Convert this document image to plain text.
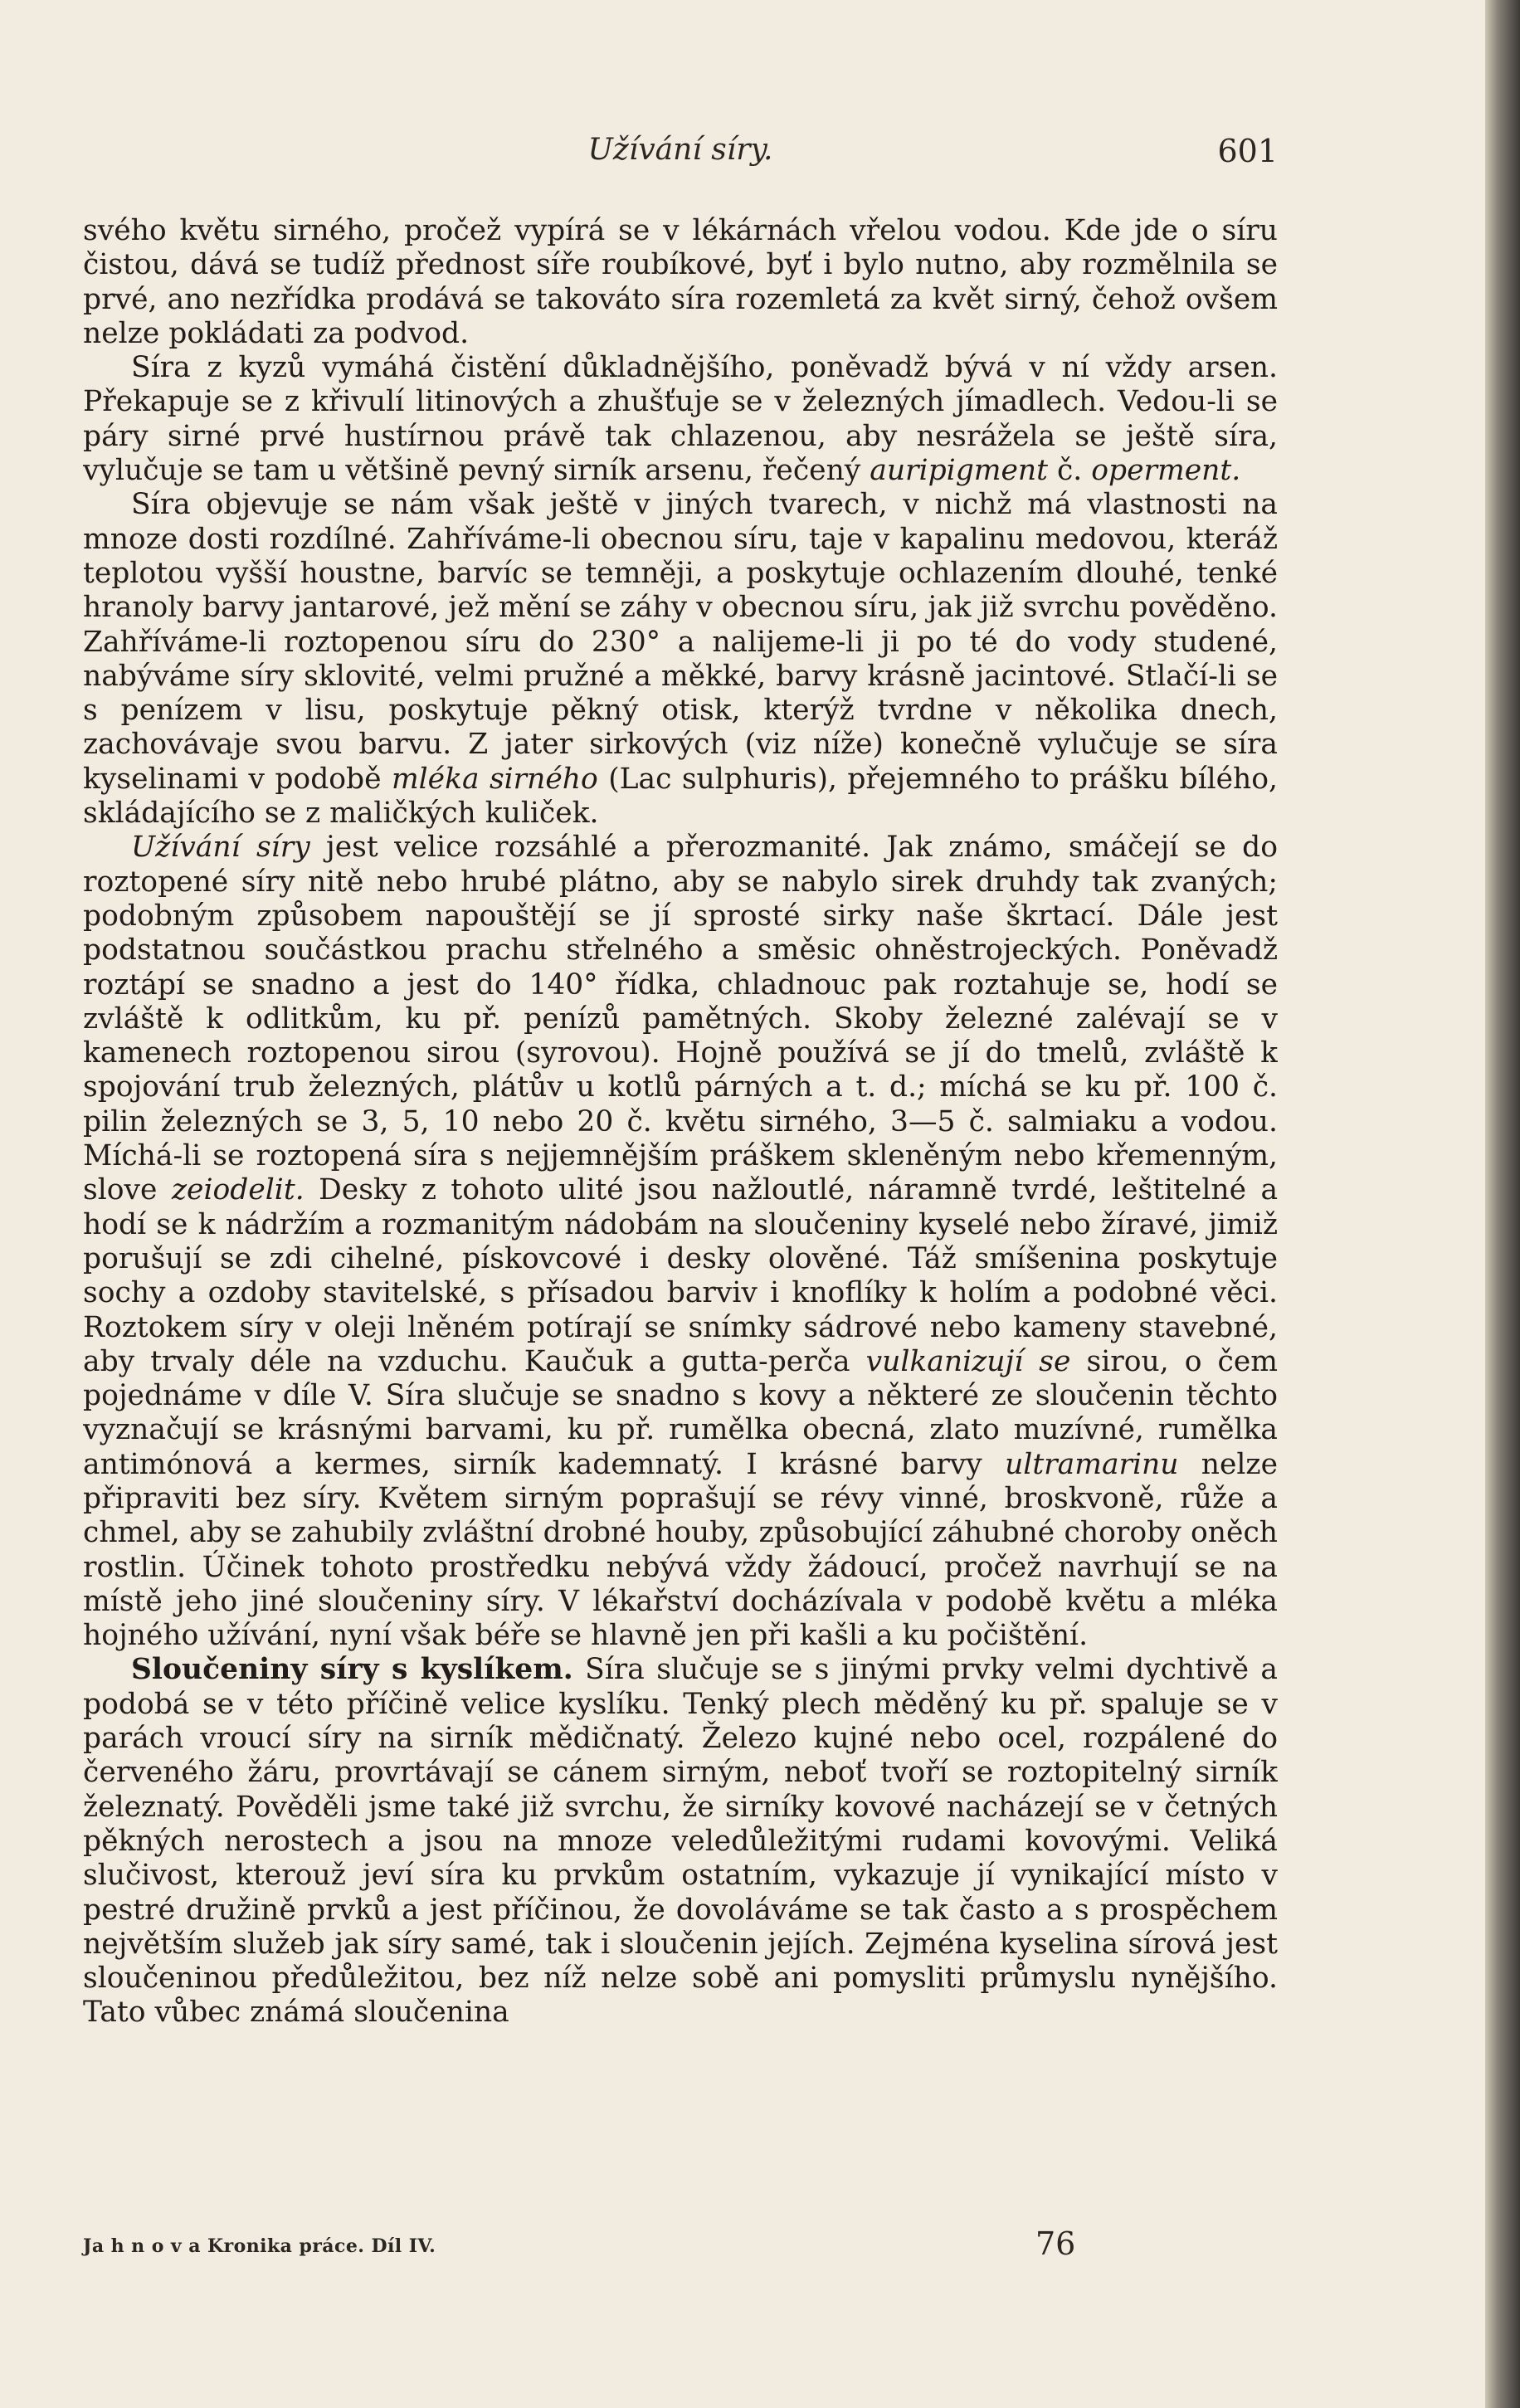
Užívání síry.	601

svého květu sirného, pročež vypírá se v lékárnách vřelou vodou. Kde jde o síru čistou, dává se tudíž přednost síře roubíkové, byť i bylo nutno, aby rozmělnila se prvé, ano nezřídka prodává se takováto síra rozemletá za květ sirný, čehož ovšem nelze pokládati za podvod.

Síra z kyzů vymáhá čistění důkladnějšího, poněvadž bývá v ní vždy arsen. Překapuje se z křivulí litinových a zhušťuje se v železných jímadlech. Vedou-li se páry sirné prvé hustírnou právě tak chlazenou, aby nesrážela se ještě síra, vylučuje se tam u většině pevný sirník arsenu, řečený auripigment č. operment.

Síra objevuje se nám však ještě v jiných tvarech, v nichž má vlastnosti na mnoze dosti rozdílné. Zahříváme-li obecnou síru, taje v kapalinu medovou, kteráž teplotou vyšší houstne, barvíc se temněji, a poskytuje ochlazením dlouhé, tenké hranoly barvy jantarové, jež mění se záhy v obecnou síru, jak již svrchu pověděno. Zahříváme-li roztopenou síru do 230° a nalijeme-li ji po té do vody studené, nabýváme síry sklovité, velmi pružné a měkké, barvy krásně jacintové. Stlačí-li se s penízem v lisu, poskytuje pěkný otisk, kterýž tvrdne v několika dnech, zachovávaje svou barvu. Z jater sirkových (viz níže) konečně vylučuje se síra kyselinami v podobě mléka sirného (Lac sulphuris), přejemného to prášku bílého, skládajícího se z maličkých kuliček.

Užívání síry jest velice rozsáhlé a přerozmanité. Jak známo, smáčejí se do roztopené síry nitě nebo hrubé plátno, aby se nabylo sirek druhdy tak zvaných; podobným způsobem napouštějí se jí sprosté sirky naše škrtací. Dále jest podstatnou součástkou prachu střelného a směsic ohněstrojeckých. Poněvadž roztápí se snadno a jest do 140° řídka, chladnouc pak roztahuje se, hodí se zvláště k odlitkům, ku př. penízů pamětných. Skoby železné zalévají se v kamenech roztopenou sirou (syrovou). Hojně používá se jí do tmelů, zvláště k spojování trub železných, plátův u kotlů párných a t. d.; míchá se ku př. 100 č. pilin železných se 3, 5, 10 nebo 20 č. květu sirného, 3—5 č. salmiaku a vodou. Míchá-li se roztopená síra s nejjemnějším práškem skleněným nebo křemenným, slove zeiodelit. Desky z tohoto ulité jsou nažloutlé, náramně tvrdé, leštitelné a hodí se k nádržím a rozmanitým nádobám na sloučeniny kyselé nebo žíravé, jimiž porušují se zdi cihelné, pískovcové i desky olověné. Táž smíšenina poskytuje sochy a ozdoby stavitelské, s přísadou barviv i knoflíky k holím a podobné věci. Roztokem síry v oleji lněném potírají se snímky sádrové nebo kameny stavebné, aby trvaly déle na vzduchu. Kaučuk a gutta-perča vulkanizují se sirou, o čem pojednáme v díle V. Síra slučuje se snadno s kovy a některé ze sloučenin těchto vyznačují se krásnými barvami, ku př. rumělka obecná, zlato muzívné, rumělka antimónová a kermes, sirník kademnatý. I krásné barvy ultramarinu nelze připraviti bez síry. Květem sirným poprašují se révy vinné, broskvoně, růže a chmel, aby se zahubily zvláštní drobné houby, způsobující záhubné choroby oněch rostlin. Účinek tohoto prostředku nebývá vždy žádoucí, pročež navrhují se na místě jeho jiné sloučeniny síry. V lékařství docházívala v podobě květu a mléka hojného užívání, nyní však béře se hlavně jen při kašli a ku počištění.

Sloučeniny síry s kyslíkem. Síra slučuje se s jinými prvky velmi dychtivě a podobá se v této příčině velice kyslíku. Tenký plech měděný ku př. spaluje se v parách vroucí síry na sirník mědičnatý. Železo kujné nebo ocel, rozpálené do červeného žáru, provrtávají se cánem sirným, neboť tvoří se roztopitelný sirník železnatý. Pověděli jsme také již svrchu, že sirníky kovové nacházejí se v četných pěkných nerostech a jsou na mnoze veledůležitými rudami kovovými. Veliká slučivost, kterouž jeví síra ku prvkům ostatním, vykazuje jí vynikající místo v pestré družině prvků a jest příčinou, že dovoláváme se tak často a s prospěchem největším služeb jak síry samé, tak i sloučenin jejích. Zejména kyselina sírová jest sloučeninou předůležitou, bez níž nelze sobě ani pomysliti průmyslu nynějšího. Tato vůbec známá sloučenina

Ja h n o v a Kronika práce. Díl IV.	76
